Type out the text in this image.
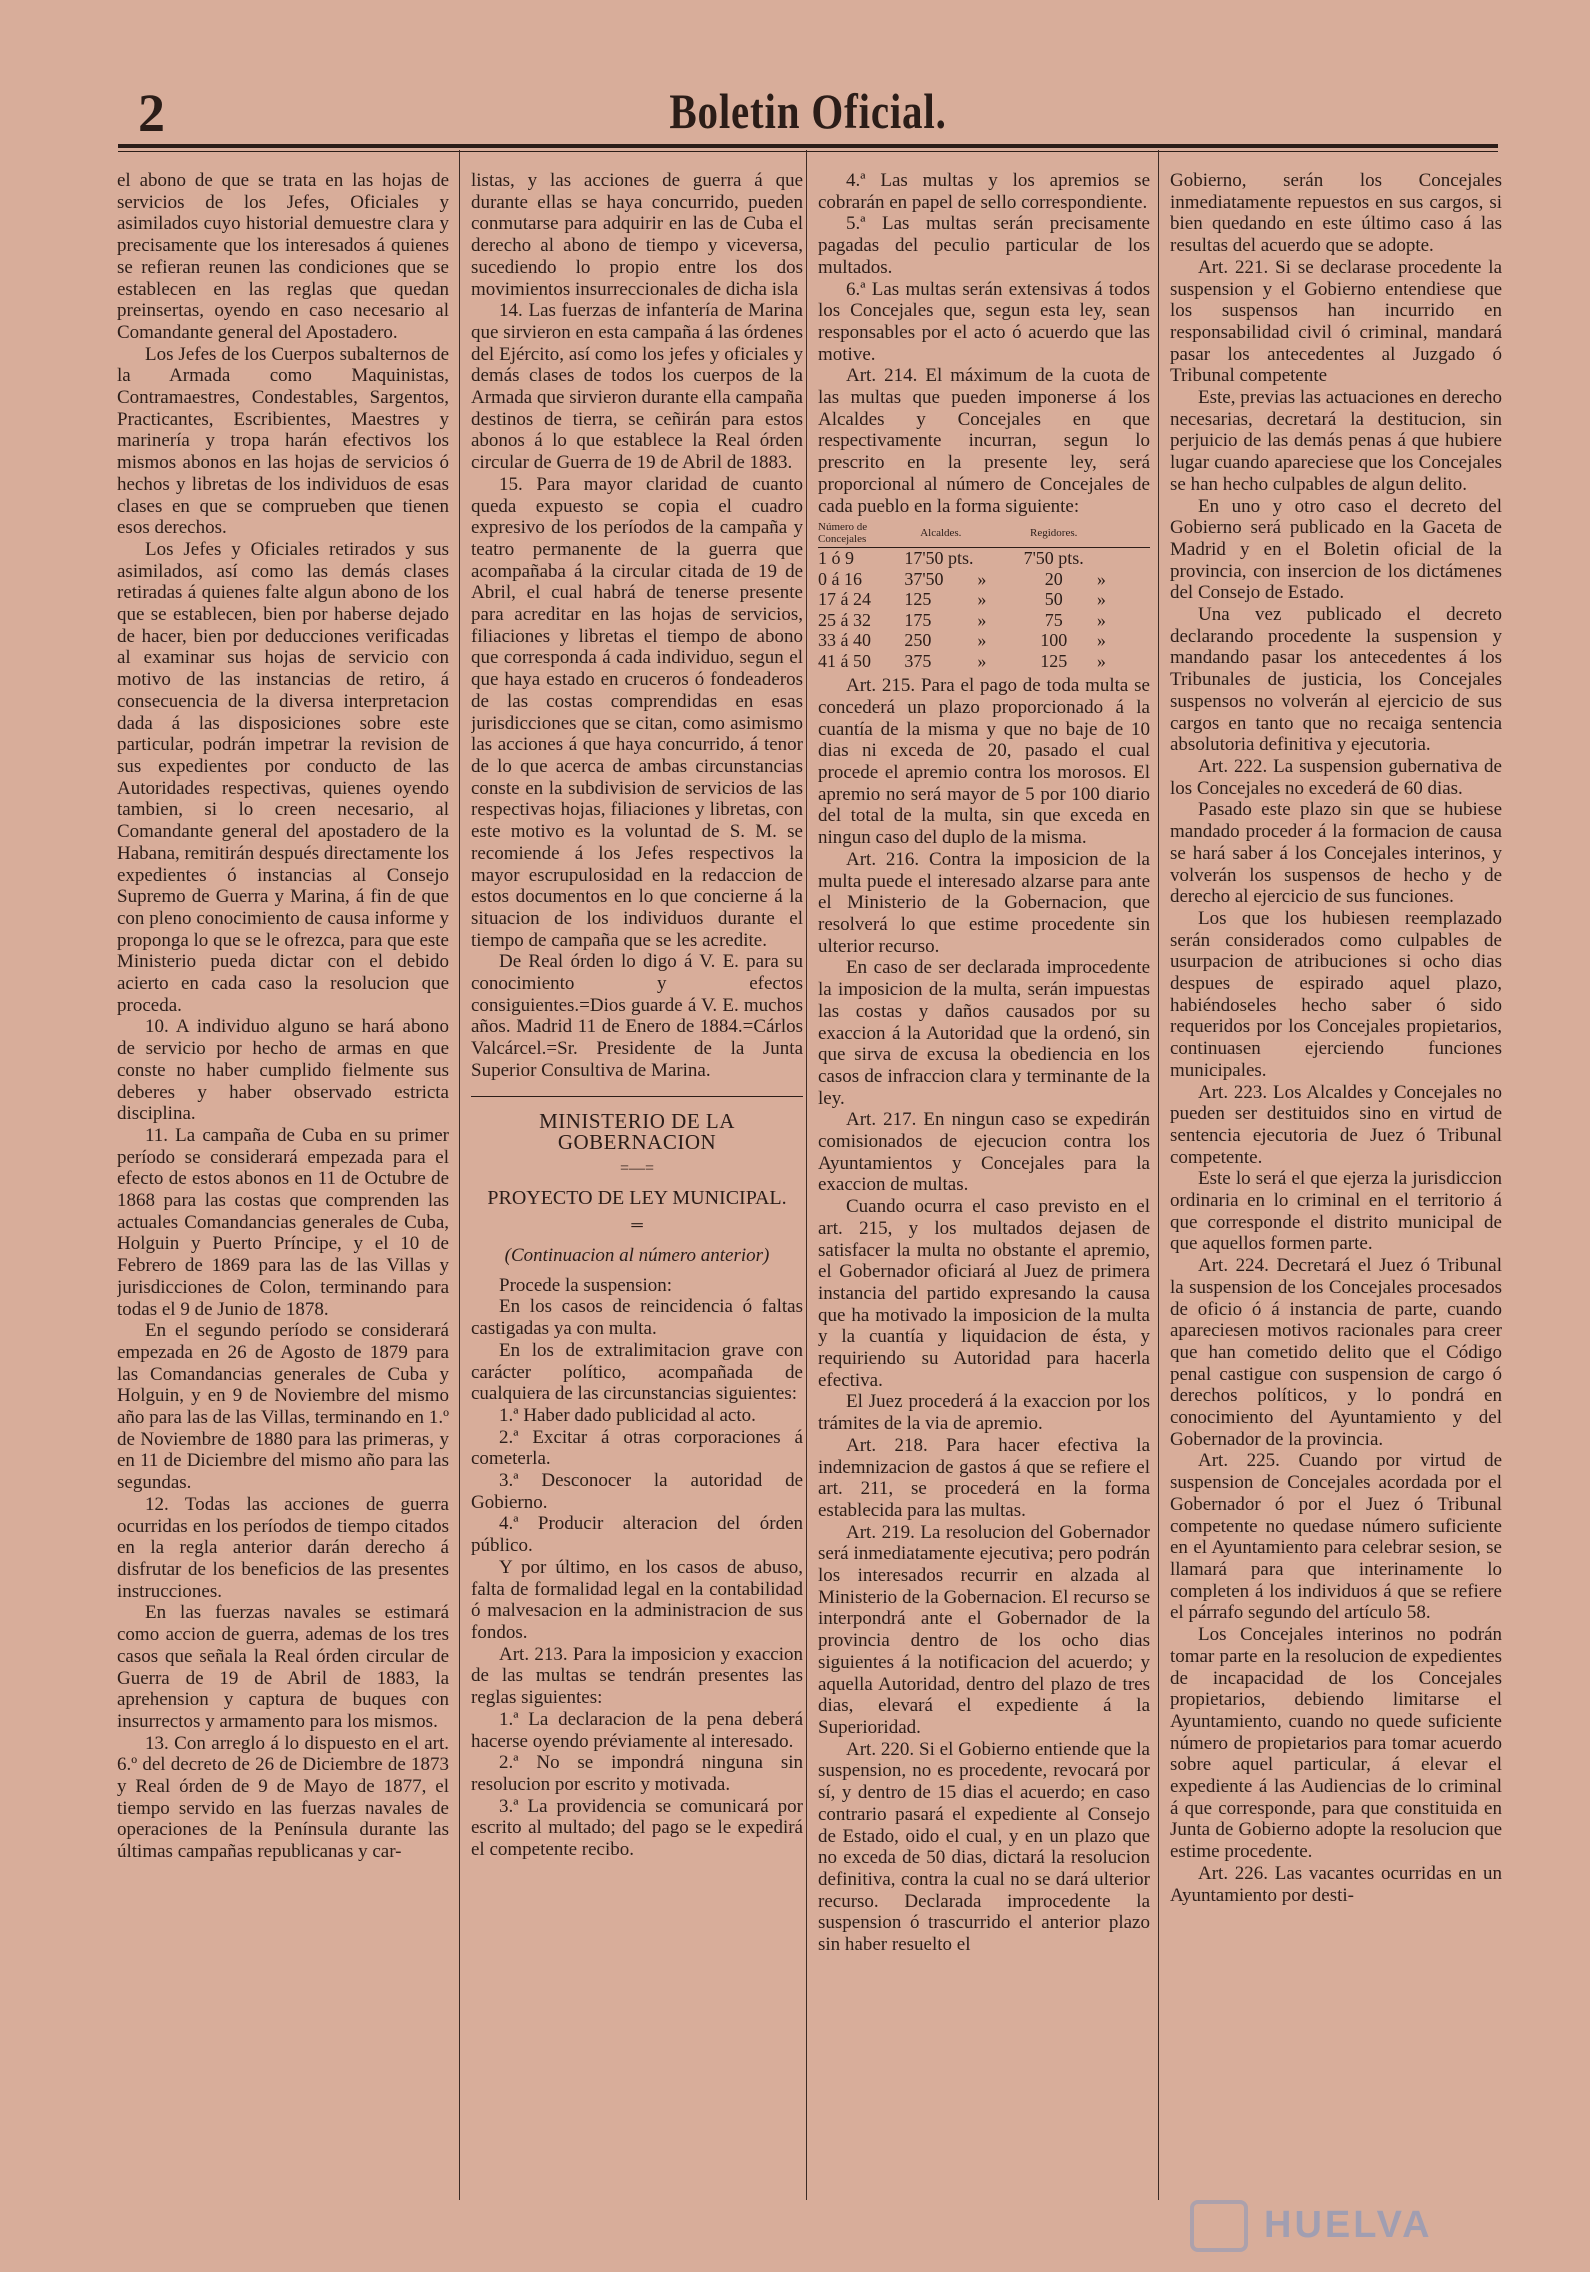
2	Boletin Oficial.

el abono de que se trata en las hojas de servicios de los Jefes, Oficiales y asimilados cuyo historial demuestre clara y precisamente que los interesados á quienes se refieran reunen las condiciones que se establecen en las reglas que quedan preinsertas, oyendo en caso necesario al Comandante general del Apostadero.

Los Jefes de los Cuerpos subalternos de la Armada como Maquinistas, Contramaestres, Condestables, Sargentos, Practicantes, Escribientes, Maestres y marinería y tropa harán efectivos los mismos abonos en las hojas de servicios ó hechos y libretas de los individuos de esas clases en que se comprueben que tienen esos derechos.

Los Jefes y Oficiales retirados y sus asimilados, así como las demás clases retiradas á quienes falte algun abono de los que se establecen, bien por haberse dejado de hacer, bien por deducciones verificadas al examinar sus hojas de servicio con motivo de las instancias de retiro, á consecuencia de la diversa interpretacion dada á las disposiciones sobre este particular, podrán impetrar la revision de sus expedientes por conducto de las Autoridades respectivas, quienes oyendo tambien, si lo creen necesario, al Comandante general del apostadero de la Habana, remitirán después directamente los expedientes ó instancias al Consejo Supremo de Guerra y Marina, á fin de que con pleno conocimiento de causa informe y proponga lo que se le ofrezca, para que este Ministerio pueda dictar con el debido acierto en cada caso la resolucion que proceda.

10. A individuo alguno se hará abono de servicio por hecho de armas en que conste no haber cumplido fielmente sus deberes y haber observado estricta disciplina.

11. La campaña de Cuba en su primer período se considerará empezada para el efecto de estos abonos en 11 de Octubre de 1868 para las costas que comprenden las actuales Comandancias generales de Cuba, Holguin y Puerto Príncipe, y el 10 de Febrero de 1869 para las de las Villas y jurisdicciones de Colon, terminando para todas el 9 de Junio de 1878.

En el segundo período se considerará empezada en 26 de Agosto de 1879 para las Comandancias generales de Cuba y Holguin, y en 9 de Noviembre del mismo año para las de las Villas, terminando en 1.º de Noviembre de 1880 para las primeras, y en 11 de Diciembre del mismo año para las segundas.

12. Todas las acciones de guerra ocurridas en los períodos de tiempo citados en la regla anterior darán derecho á disfrutar de los beneficios de las presentes instrucciones.

En las fuerzas navales se estimará como accion de guerra, ademas de los tres casos que señala la Real órden circular de Guerra de 19 de Abril de 1883, la aprehension y captura de buques con insurrectos y armamento para los mismos.

13. Con arreglo á lo dispuesto en el art. 6.º del decreto de 26 de Diciembre de 1873 y Real órden de 9 de Mayo de 1877, el tiempo servido en las fuerzas navales de operaciones de la Península durante las últimas campañas republicanas y car-

listas, y las acciones de guerra á que durante ellas se haya concurrido, pueden conmutarse para adquirir en las de Cuba el derecho al abono de tiempo y viceversa, sucediendo lo propio entre los dos movimientos insurreccionales de dicha isla

14. Las fuerzas de infantería de Marina que sirvieron en esta campaña á las órdenes del Ejército, así como los jefes y oficiales y demás clases de todos los cuerpos de la Armada que sirvieron durante ella campaña destinos de tierra, se ceñirán para estos abonos á lo que establece la Real órden circular de Guerra de 19 de Abril de 1883.

15. Para mayor claridad de cuanto queda expuesto se copia el cuadro expresivo de los períodos de la campaña y teatro permanente de la guerra que acompañaba á la circular citada de 19 de Abril, el cual habrá de tenerse presente para acreditar en las hojas de servicios, filiaciones y libretas el tiempo de abono que corresponda á cada individuo, segun el que haya estado en cruceros ó fondeaderos de las costas comprendidas en esas jurisdicciones que se citan, como asimismo las acciones á que haya concurrido, á tenor de lo que acerca de ambas circunstancias conste en la subdivision de servicios de las respectivas hojas, filiaciones y libretas, con este motivo es la voluntad de S. M. se recomiende á los Jefes respectivos la mayor escrupulosidad en la redaccion de estos documentos en lo que concierne á la situacion de los individuos durante el tiempo de campaña que se les acredite.

De Real órden lo digo á V. E. para su conocimiento y efectos consiguientes.=Dios guarde á V. E. muchos años. Madrid 11 de Enero de 1884.=Cárlos Valcárcel.=Sr. Presidente de la Junta Superior Consultiva de Marina.

MINISTERIO DE LA GOBERNACION
=—=
PROYECTO DE LEY MUNICIPAL.
═
(Continuacion al número anterior)

Procede la suspension:

En los casos de reincidencia ó faltas castigadas ya con multa.

En los de extralimitacion grave con carácter político, acompañada de cualquiera de las circunstancias siguientes:

1.ª Haber dado publicidad al acto.

2.ª Excitar á otras corporaciones á cometerla.

3.ª Desconocer la autoridad de Gobierno.

4.ª Producir alteracion del órden público.

Y por último, en los casos de abuso, falta de formalidad legal en la contabilidad ó malvesacion en la administracion de sus fondos.

Art. 213. Para la imposicion y exaccion de las multas se tendrán presentes las reglas siguientes:

1.ª La declaracion de la pena deberá hacerse oyendo préviamente al interesado.

2.ª No se impondrá ninguna sin resolucion por escrito y motivada.

3.ª La providencia se comunicará por escrito al multado; del pago se le expedirá el competente recibo.

4.ª Las multas y los apremios se cobrarán en papel de sello correspondiente.

5.ª Las multas serán precisamente pagadas del peculio particular de los multados.

6.ª Las multas serán extensivas á todos los Concejales que, segun esta ley, sean responsables por el acto ó acuerdo que las motive.

Art. 214. El máximum de la cuota de las multas que pueden imponerse á los Alcaldes y Concejales en que respectivamente incurran, segun lo prescrito en la presente ley, será proporcional al número de Concejales de cada pueblo en la forma siguiente:

Número de Concejales	Alcaldes.		Regidores.	
1 ó 9	17'50 pts.		7'50 pts.	
0 á 16	37'50	»	20	»
17 á 24	125	»	50	»
25 á 32	175	»	75	»
33 á 40	250	»	100	»
41 á 50	375	»	125	»

Art. 215. Para el pago de toda multa se concederá un plazo proporcionado á la cuantía de la misma y que no baje de 10 dias ni exceda de 20, pasado el cual procede el apremio contra los morosos. El apremio no será mayor de 5 por 100 diario del total de la multa, sin que exceda en ningun caso del duplo de la misma.

Art. 216. Contra la imposicion de la multa puede el interesado alzarse para ante el Ministerio de la Gobernacion, que resolverá lo que estime procedente sin ulterior recurso.

En caso de ser declarada improcedente la imposicion de la multa, serán impuestas las costas y daños causados por su exaccion á la Autoridad que la ordenó, sin que sirva de excusa la obediencia en los casos de infraccion clara y terminante de la ley.

Art. 217. En ningun caso se expedirán comisionados de ejecucion contra los Ayuntamientos y Concejales para la exaccion de multas.

Cuando ocurra el caso previsto en el art. 215, y los multados dejasen de satisfacer la multa no obstante el apremio, el Gobernador oficiará al Juez de primera instancia del partido expresando la causa que ha motivado la imposicion de la multa y la cuantía y liquidacion de ésta, y requiriendo su Autoridad para hacerla efectiva.

El Juez procederá á la exaccion por los trámites de la via de apremio.

Art. 218. Para hacer efectiva la indemnizacion de gastos á que se refiere el art. 211, se procederá en la forma establecida para las multas.

Art. 219. La resolucion del Gobernador será inmediatamente ejecutiva; pero podrán los interesados recurrir en alzada al Ministerio de la Gobernacion. El recurso se interpondrá ante el Gobernador de la provincia dentro de los ocho dias siguientes á la notificacion del acuerdo; y aquella Autoridad, dentro del plazo de tres dias, elevará el expediente á la Superioridad.

Art. 220. Si el Gobierno entiende que la suspension, no es procedente, revocará por sí, y dentro de 15 dias el acuerdo; en caso contrario pasará el expediente al Consejo de Estado, oido el cual, y en un plazo que no exceda de 50 dias, dictará la resolucion definitiva, contra la cual no se dará ulterior recurso. Declarada improcedente la suspension ó trascurrido el anterior plazo sin haber resuelto el

Gobierno, serán los Concejales inmediatamente repuestos en sus cargos, si bien quedando en este último caso á las resultas del acuerdo que se adopte.

Art. 221. Si se declarase procedente la suspension y el Gobierno entendiese que los suspensos han incurrido en responsabilidad civil ó criminal, mandará pasar los antecedentes al Juzgado ó Tribunal competente

Este, previas las actuaciones en derecho necesarias, decretará la destitucion, sin perjuicio de las demás penas á que hubiere lugar cuando apareciese que los Concejales se han hecho culpables de algun delito.

En uno y otro caso el decreto del Gobierno será publicado en la Gaceta de Madrid y en el Boletin oficial de la provincia, con insercion de los dictámenes del Consejo de Estado.

Una vez publicado el decreto declarando procedente la suspension y mandando pasar los antecedentes á los Tribunales de justicia, los Concejales suspensos no volverán al ejercicio de sus cargos en tanto que no recaiga sentencia absolutoria definitiva y ejecutoria.

Art. 222. La suspension gubernativa de los Concejales no excederá de 60 dias.

Pasado este plazo sin que se hubiese mandado proceder á la formacion de causa se hará saber á los Concejales interinos, y volverán los suspensos de hecho y de derecho al ejercicio de sus funciones.

Los que los hubiesen reemplazado serán considerados como culpables de usurpacion de atribuciones si ocho dias despues de espirado aquel plazo, habiéndoseles hecho saber ó sido requeridos por los Concejales propietarios, continuasen ejerciendo funciones municipales.

Art. 223. Los Alcaldes y Concejales no pueden ser destituidos sino en virtud de sentencia ejecutoria de Juez ó Tribunal competente.

Este lo será el que ejerza la jurisdiccion ordinaria en lo criminal en el territorio á que corresponde el distrito municipal de que aquellos formen parte.

Art. 224. Decretará el Juez ó Tribunal la suspension de los Concejales procesados de oficio ó á instancia de parte, cuando apareciesen motivos racionales para creer que han cometido delito que el Código penal castigue con suspension de cargo ó derechos políticos, y lo pondrá en conocimiento del Ayuntamiento y del Gobernador de la provincia.

Art. 225. Cuando por virtud de suspension de Concejales acordada por el Gobernador ó por el Juez ó Tribunal competente no quedase número suficiente en el Ayuntamiento para celebrar sesion, se llamará para que interinamente lo completen á los individuos á que se refiere el párrafo segundo del artículo 58.

Los Concejales interinos no podrán tomar parte en la resolucion de expedientes de incapacidad de los Concejales propietarios, debiendo limitarse el Ayuntamiento, cuando no quede suficiente número de propietarios para tomar acuerdo sobre aquel particular, á elevar el expediente á las Audiencias de lo criminal á que corresponde, para que constituida en Junta de Gobierno adopte la resolucion que estime procedente.

Art. 226. Las vacantes ocurridas en un Ayuntamiento por desti-

HUELVA
